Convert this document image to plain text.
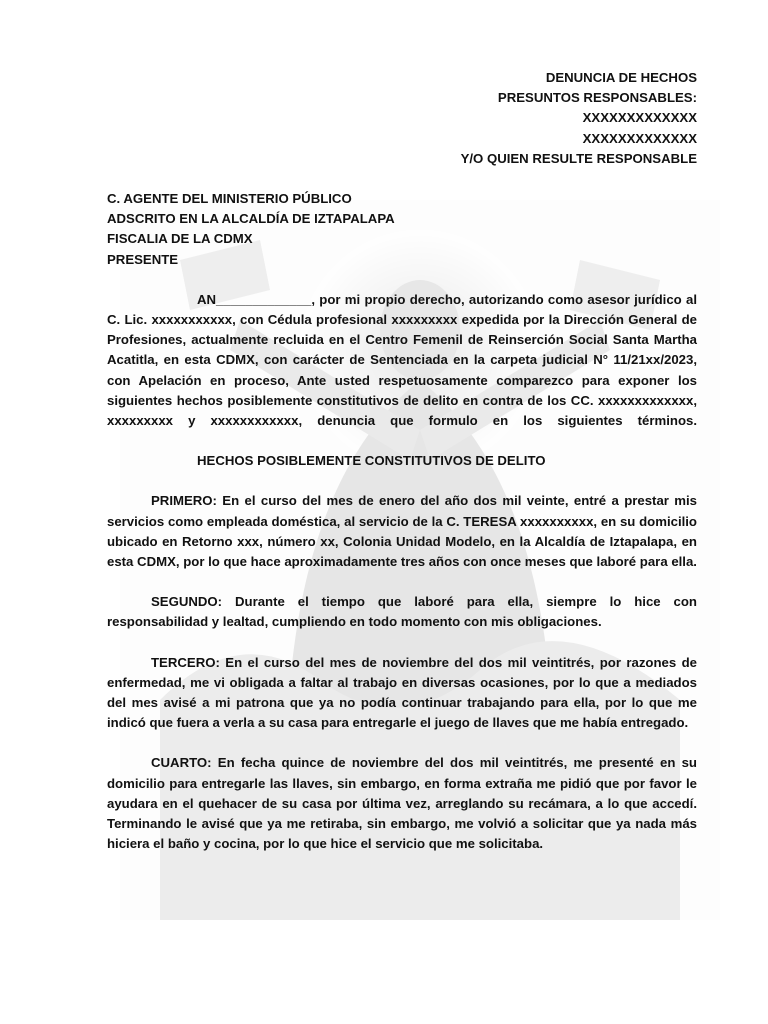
DENUNCIA DE HECHOS
PRESUNTOS RESPONSABLES:
XXXXXXXXXXXXX
XXXXXXXXXXXXX
Y/O QUIEN RESULTE RESPONSABLE
C. AGENTE DEL MINISTERIO PÚBLICO
ADSCRITO EN LA ALCALDÍA DE IZTAPALAPA
FISCALIA DE LA CDMX
PRESENTE

AN_____________, por mi propio derecho, autorizando como asesor jurídico al C. Lic. xxxxxxxxxxx, con Cédula profesional xxxxxxxxx expedida por la Dirección General de Profesiones, actualmente recluida en el Centro Femenil de Reinserción Social Santa Martha Acatitla, en esta CDMX, con carácter de Sentenciada en la carpeta judicial N° 11/21xx/2023, con Apelación en proceso, Ante usted respetuosamente comparezco para exponer los siguientes hechos posiblemente constitutivos de delito en contra de los CC. xxxxxxxxxxxxx, xxxxxxxxx y xxxxxxxxxxxx, denuncia que formulo en los siguientes términos.

HECHOS POSIBLEMENTE CONSTITUTIVOS DE DELITO

PRIMERO: En el curso del mes de enero del año dos mil veinte, entré a prestar mis servicios como empleada doméstica, al servicio de la C. TERESA xxxxxxxxxx, en su domicilio ubicado en Retorno xxx, número xx, Colonia Unidad Modelo, en la Alcaldía de Iztapalapa, en esta CDMX, por lo que hace aproximadamente tres años con once meses que laboré para ella.

SEGUNDO: Durante el tiempo que laboré para ella, siempre lo hice con responsabilidad y lealtad, cumpliendo en todo momento con mis obligaciones.

TERCERO: En el curso del mes de noviembre del dos mil veintitrés, por razones de enfermedad, me vi obligada a faltar al trabajo en diversas ocasiones, por lo que a mediados del mes avisé a mi patrona que ya no podía continuar trabajando para ella, por lo que me indicó que fuera a verla a su casa para entregarle el juego de llaves que me había entregado.

CUARTO: En fecha quince de noviembre del dos mil veintitrés, me presenté en su domicilio para entregarle las llaves, sin embargo, en forma extraña me pidió que por favor le ayudara en el quehacer de su casa por última vez, arreglando su recámara, a lo que accedí. Terminando le avisé que ya me retiraba, sin embargo, me volvió a solicitar que ya nada más hiciera el baño y cocina, por lo que hice el servicio que me solicitaba.
